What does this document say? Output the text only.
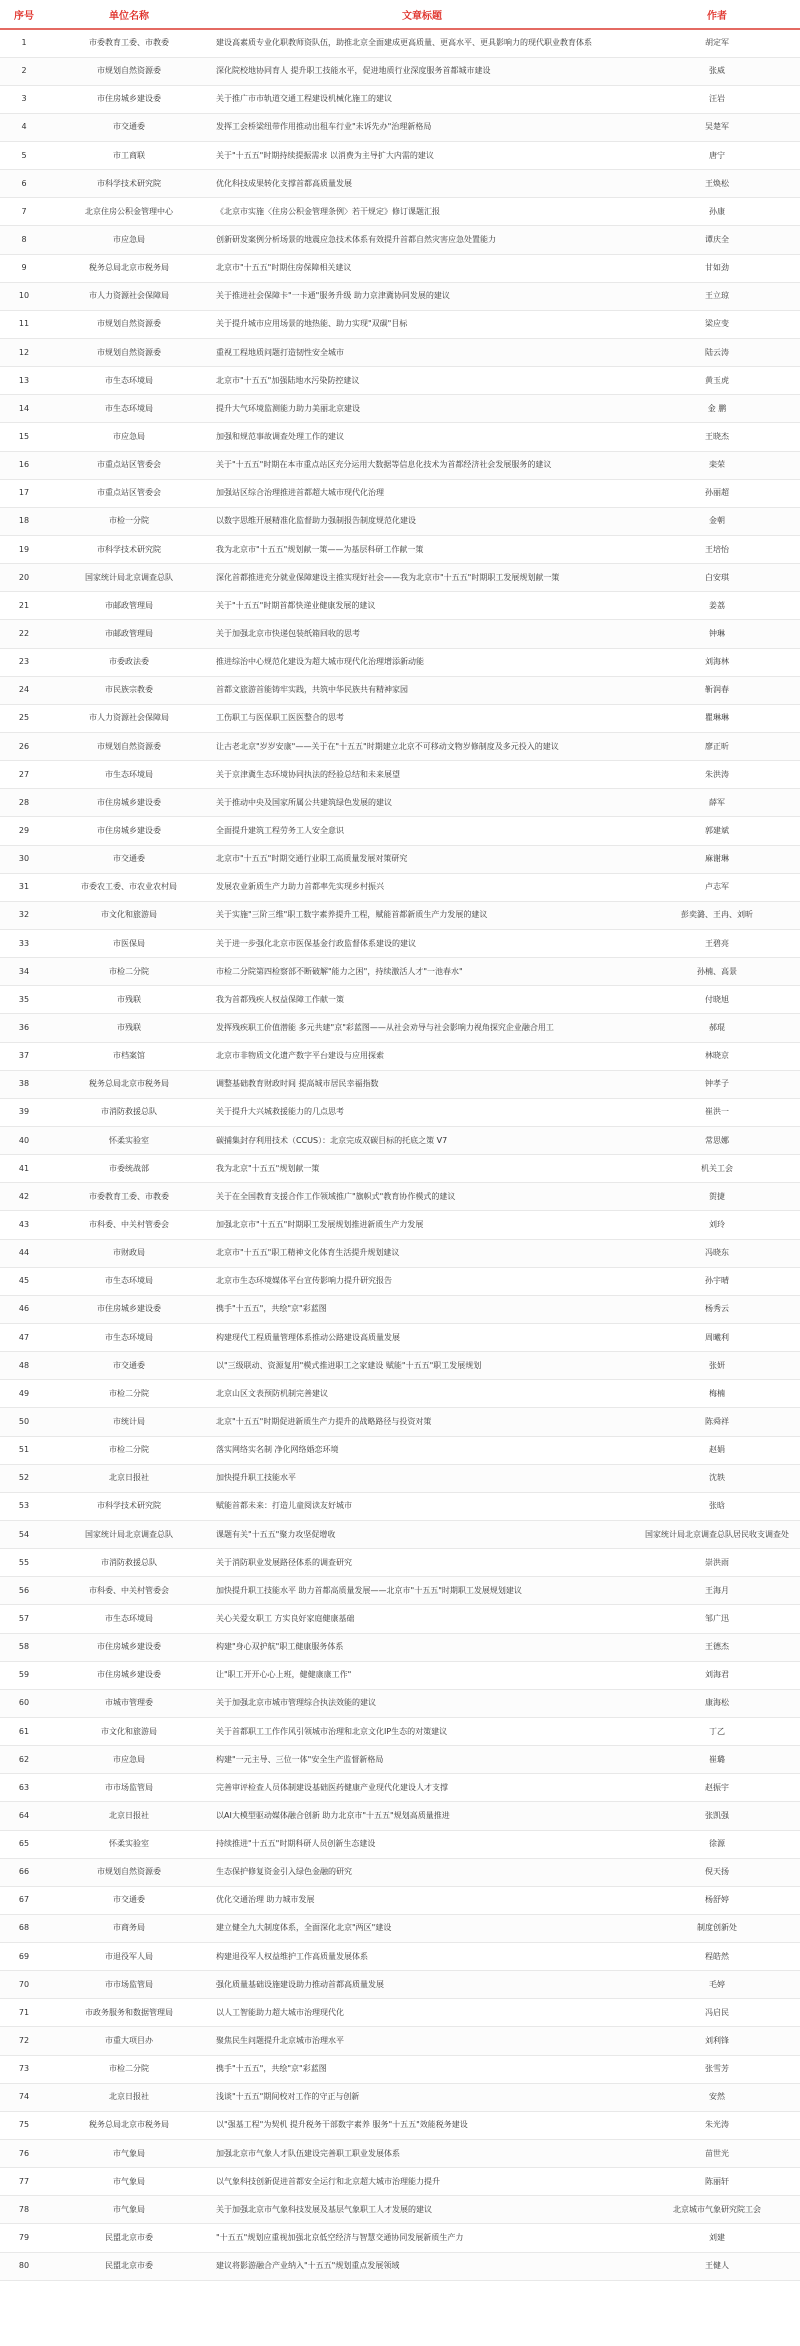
序号	单位名称	文章标题	作者
1	市委教育工委、市教委	建设高素质专业化职教师资队伍，助推北京全面建成更高质量、更高水平、更具影响力的现代职业教育体系	胡定军
2	市规划自然资源委	深化院校地协同育人 提升职工技能水平，促进地质行业深度服务首都城市建设	张威
3	市住房城乡建设委	关于推广市市轨道交通工程建设机械化施工的建议	汪岩
4	市交通委	发挥工会桥梁纽带作用推动出租车行业"未诉先办"治理新格局	吴楚军
5	市工商联	关于"十五五"时期持续提振需求 以消费为主导扩大内需的建议	唐宁
6	市科学技术研究院	优化科技成果转化支撑首都高质量发展	王焕松
7	北京住房公积金管理中心	《北京市实施〈住房公积金管理条例〉若干规定》修订课题汇报	孙康
8	市应急局	创新研发案例分析场景的地震应急技术体系有效提升首都自然灾害应急处置能力	谭庆全
9	税务总局北京市税务局	北京市"十五五"时期住房保障相关建议	甘如劲
10	市人力资源社会保障局	关于推进社会保障卡"一卡通"服务升级 助力京津冀协同发展的建议	王立琼
11	市规划自然资源委	关于提升城市应用场景的地热能、助力实现"双碳"目标	梁应变
12	市规划自然资源委	重视工程地质问题打造韧性安全城市	陆云涛
13	市生态环境局	北京市"十五五"加强陆地水污染防控建议	黄玉虎
14	市生态环境局	提升大气环境监测能力助力美丽北京建设	金 鹏
15	市应急局	加强和规范事故调查处理工作的建议	王晓杰
16	市重点站区管委会	关于"十五五"时期在本市重点站区充分运用大数据等信息化技术为首都经济社会发展服务的建议	栾荣
17	市重点站区管委会	加强站区综合治理推进首都超大城市现代化治理	孙丽超
18	市检一分院	以数字思维开展精准化监督助力强制报告制度规范化建设	金朝
19	市科学技术研究院	我为北京市"十五五"规划献一策——为基层科研工作献一策	王培怡
20	国家统计局北京调查总队	深化首都推进充分就业保障建设主推实现好社会——我为北京市"十五五"时期职工发展规划献一策	白安琪
21	市邮政管理局	关于"十五五"时期首都快递业健康发展的建议	姜荔
22	市邮政管理局	关于加强北京市快递包装纸箱回收的思考	钟琳
23	市委政法委	推进综治中心规范化建设为超大城市现代化治理增添新动能	刘海林
24	市民族宗教委	首都文旅游首能铸牢实践，共筑中华民族共有精神家园	靳润春
25	市人力资源社会保障局	工伤职工与医保职工医医整合的思考	瞿琳琳
26	市规划自然资源委	让古老北京"岁岁安康"——关于在"十五五"时期建立北京不可移动文物岁修制度及多元投入的建议	廖正昕
27	市生态环境局	关于京津冀生态环境协同执法的经验总结和未来展望	朱洪涛
28	市住房城乡建设委	关于推动中央及国家所属公共建筑绿色发展的建议	薛军
29	市住房城乡建设委	全面提升建筑工程劳务工人安全意识	郭建斌
30	市交通委	北京市"十五五"时期交通行业职工高质量发展对策研究	麻谢琳
31	市委农工委、市农业农村局	发展农业新质生产力助力首都率先实现乡村振兴	卢志军
32	市文化和旅游局	关于实施"三阶三维"职工数字素养提升工程，赋能首都新质生产力发展的建议	彭奕潞、王冉、刘昕
33	市医保局	关于进一步强化北京市医保基金行政监督体系建设的建议	王碧亮
34	市检二分院	市检二分院第四检察部不断破解"能力之困"，持续激活人才"一池春水"	孙楠、高景
35	市残联	我为首都残疾人权益保障工作献一策	付晓旭
36	市残联	发挥残疾职工价值潜能 多元共建"京"彩蓝图——从社会劝导与社会影响力视角探究企业融合用工	郝琨
37	市档案馆	北京市非物质文化遗产数字平台建设与应用探索	林晓京
38	税务总局北京市税务局	调整基础教育财政时间 提高城市居民幸福指数	钟孝子
39	市消防救援总队	关于提升大兴城救援能力的几点思考	崔洪一
40	怀柔实验室	碳捕集封存利用技术（CCUS）：北京完成双碳目标的托底之策 V7	常思娜
41	市委统战部	我为北京"十五五"规划献一策	机关工会
42	市委教育工委、市教委	关于在全国教育支援合作工作领域推广"旗帜式"教育协作模式的建议	贺捷
43	市科委、中关村管委会	加强北京市"十五五"时期职工发展规划推进新质生产力发展	刘玲
44	市财政局	北京市"十五五"职工精神文化体育生活提升规划建议	冯晓东
45	市生态环境局	北京市生态环境媒体平台宣传影响力提升研究报告	孙宇晴
46	市住房城乡建设委	携手"十五五"，共绘"京"彩蓝图	杨秀云
47	市生态环境局	构建现代工程质量管理体系推动公路建设高质量发展	周曦利
48	市交通委	以"三级联动、资源复用"模式推进职工之家建设 赋能"十五五"职工发展规划	张妍
49	市检二分院	北京山区文表预防机制完善建议	梅楠
50	市统计局	北京"十五五"时期促进新质生产力提升的战略路径与投资对策	陈舜祥
51	市检二分院	落实网络实名制 净化网络婚恋环境	赵娟
52	北京日报社	加快提升职工技能水平	沈轶
53	市科学技术研究院	赋能首都未来：打造儿童阅读友好城市	张晗
54	国家统计局北京调查总队	课题有关"十五五"聚力攻坚促增收	国家统计局北京调查总队居民收支调查处
55	市消防救援总队	关于消防职业发展路径体系的调查研究	崇洪雨
56	市科委、中关村管委会	加快提升职工技能水平 助力首都高质量发展——北京市"十五五"时期职工发展规划建议	王海月
57	市生态环境局	关心关爱女职工 方实良好家庭健康基础	邹广迅
58	市住房城乡建设委	构建"身心双护航"职工健康服务体系	王德杰
59	市住房城乡建设委	让"职工开开心心上班，健健康康工作"	刘海君
60	市城市管理委	关于加强北京市城市管理综合执法效能的建议	康海松
61	市文化和旅游局	关于首都职工工作作风引领城市治理和北京文化IP生态的对策建议	丁乙
62	市应急局	构建"一元主导、三位一体"安全生产监督新格局	崔璐
63	市市场监管局	完善审评检查人员体制建设基础医药健康产业现代化建设人才支撑	赵振宇
64	北京日报社	以AI大模型驱动媒体融合创新 助力北京市"十五五"规划高质量推进	张凯强
65	怀柔实验室	持续推进"十五五"时期科研人员创新生态建设	徐源
66	市规划自然资源委	生态保护修复资金引入绿色金融的研究	倪天扬
67	市交通委	优化交通治理 助力城市发展	杨舒婷
68	市商务局	建立健全九大制度体系，全面深化北京"两区"建设	制度创新处
69	市退役军人局	构建退役军人权益维护工作高质量发展体系	程皓然
70	市市场监管局	强化质量基础设施建设助力推动首都高质量发展	毛婷
71	市政务服务和数据管理局	以人工智能助力超大城市治理现代化	冯启民
72	市重大项目办	聚焦民生问题提升北京城市治理水平	刘利锋
73	市检二分院	携手"十五五"，共绘"京"彩蓝图	张雪芳
74	北京日报社	浅谈"十五五"期间校对工作的守正与创新	安然
75	税务总局北京市税务局	以"强基工程"为契机 提升税务干部数字素养 服务"十五五"效能税务建设	朱光涛
76	市气象局	加强北京市气象人才队伍建设完善职工职业发展体系	苗世光
77	市气象局	以气象科技创新促进首都安全运行和北京超大城市治理能力提升	陈丽轩
78	市气象局	关于加强北京市气象科技发展及基层气象职工人才发展的建议	北京城市气象研究院工会
79	民盟北京市委	"十五五"规划应重视加强北京低空经济与智慧交通协同发展新质生产力	刘建
80	民盟北京市委	建议将影游融合产业纳入"十五五"规划重点发展领域	王健人
